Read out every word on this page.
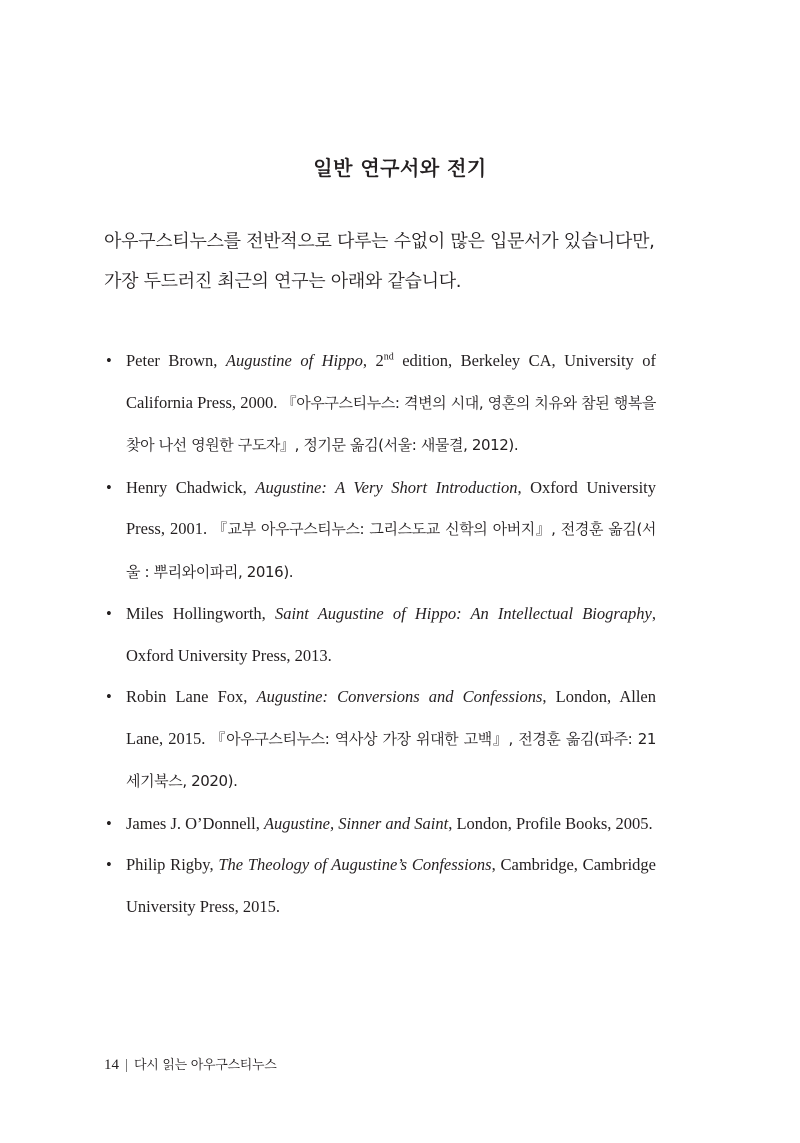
일반 연구서와 전기

아우구스티누스를 전반적으로 다루는 수없이 많은 입문서가 있습니다만, 가장 두드러진 최근의 연구는 아래와 같습니다.

• Peter Brown, Augustine of Hippo, 2nd edition, Berkeley CA, University of California Press, 2000. 『아우구스티누스: 격변의 시대, 영혼의 치유와 참된 행복을 찾아 나선 영원한 구도자』, 정기문 옮김(서울: 새물결, 2012).
• Henry Chadwick, Augustine: A Very Short Introduction, Oxford University Press, 2001. 『교부 아우구스티누스: 그리스도교 신학의 아버지』, 전경훈 옮김(서울 : 뿌리와이파리, 2016).
• Miles Hollingworth, Saint Augustine of Hippo: An Intellectual Biography, Oxford University Press, 2013.
• Robin Lane Fox, Augustine: Conversions and Confessions, London, Allen Lane, 2015. 『아우구스티누스: 역사상 가장 위대한 고백』, 전경훈 옮김(파주: 21세기북스, 2020).
• James J. O’Donnell, Augustine, Sinner and Saint, London, Profile Books, 2005.
• Philip Rigby, The Theology of Augustine’s Confessions, Cambridge, Cambridge University Press, 2015.
14 | 다시 읽는 아우구스티누스
